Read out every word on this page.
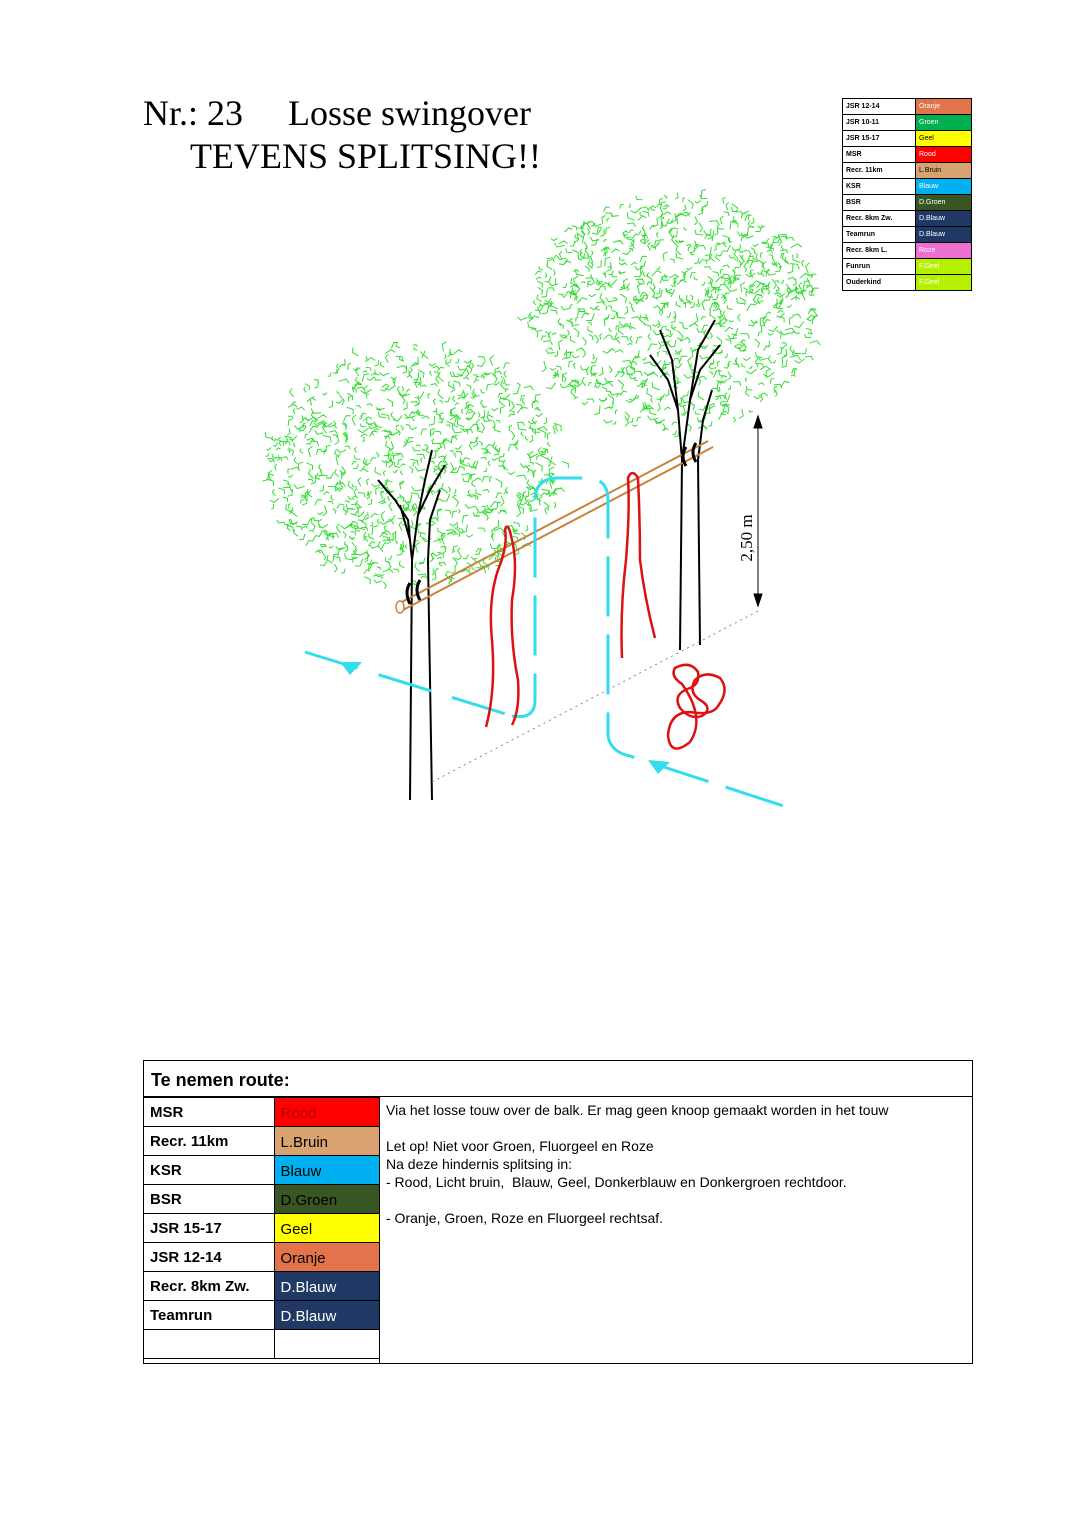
Nr.: 23     Losse swingover
TEVENS SPLITSING!!
JSR 12-14	Oranje
JSR 10-11	Groen
JSR 15-17	Geel
MSR	Rood
Recr. 11km	L.Bruin
KSR	Blauw
BSR	D.Groen
Recr. 8km Zw.	D.Blauw
Teamrun	D.Blauw
Recr. 8km L.	Roze
Funrun	F.Geel
Ouderkind	F.Geel
2,50 m
Te nemen route:
MSR	Rood
Recr. 11km	L.Bruin
KSR	Blauw
BSR	D.Groen
JSR 15-17	Geel
JSR 12-14	Oranje
Recr. 8km Zw.	D.Blauw
Teamrun	D.Blauw

Via het losse touw over de balk. Er mag geen knoop gemaakt worden in het touw

Let op! Niet voor Groen, Fluorgeel en Roze

Na deze hindernis splitsing in:

- Rood, Licht bruin,  Blauw, Geel, Donkerblauw en Donkergroen rechtdoor.

- Oranje, Groen, Roze en Fluorgeel rechtsaf.
